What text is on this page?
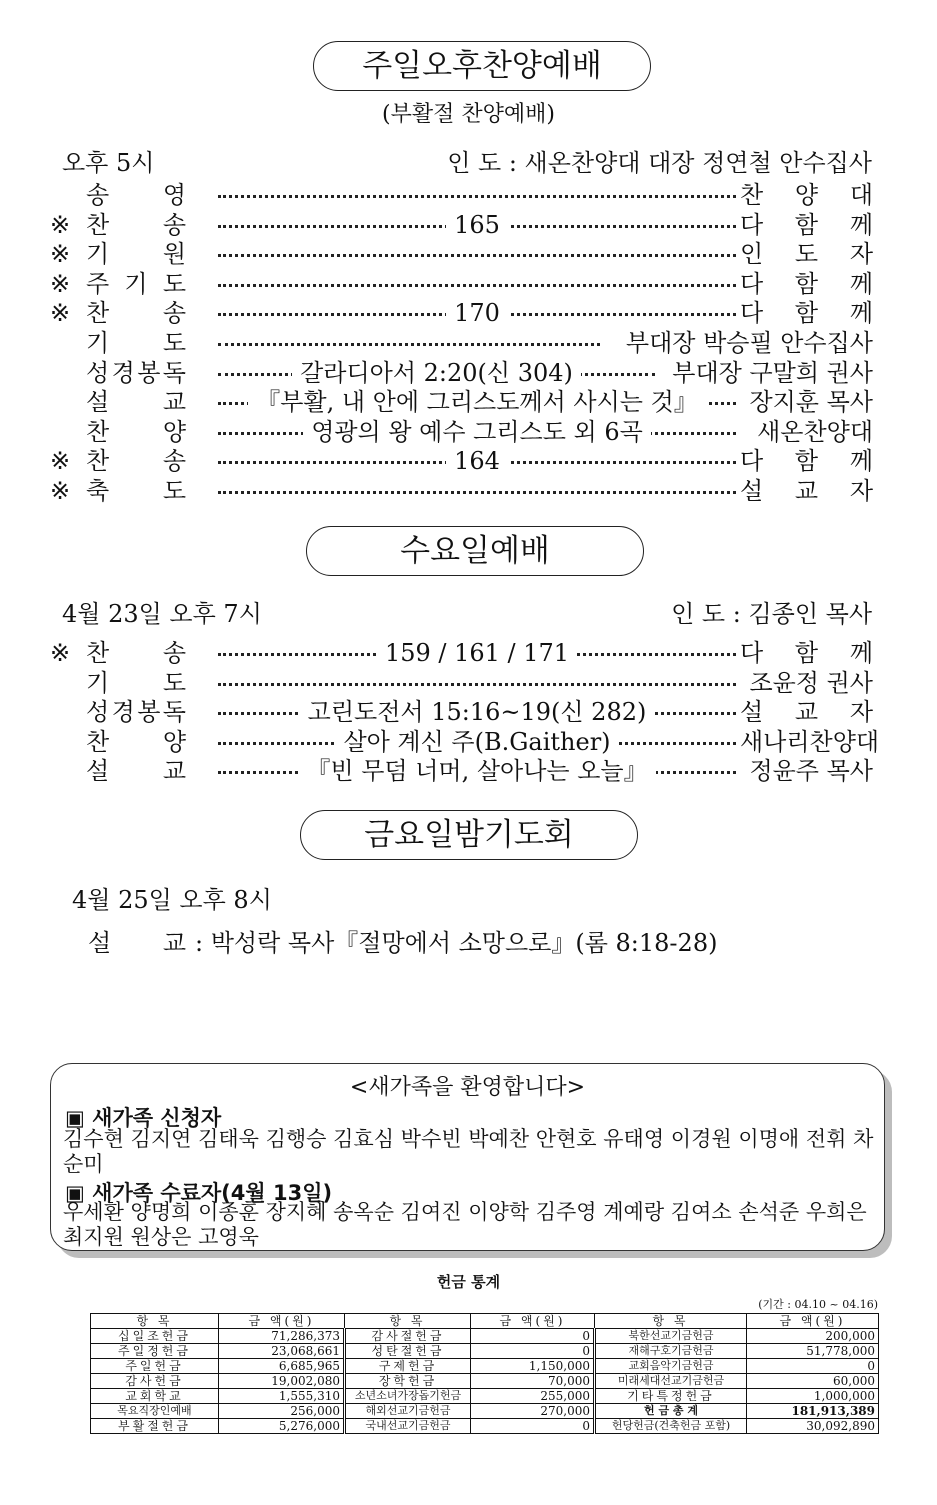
주일오후찬양예배
(부활절 찬양예배)
오후 5시	인 도 : 새온찬양대 대장 정연철 안수집사
송 영	찬 양 대
※ 찬 송	165	다 함 께
※ 기 원	인 도 자
※ 주 기 도	다 함 께
※ 찬 송	170	다 함 께
기 도	부대장 박승필 안수집사
성 경 봉 독	갈라디아서 2:20(신 304)	부대장 구말희 권사
설 교	『부활, 내 안에 그리스도께서 사시는 것』	장지훈 목사
찬 양	영광의 왕 예수 그리스도 외 6곡	새온찬양대
※ 찬 송	164	다 함 께
※ 축 도	설 교 자
수요일예배
4월 23일 오후 7시	인 도 : 김종인 목사
※ 찬 송	159 / 161 / 171	다 함 께
기 도	조윤정 권사
성 경 봉 독	고린도전서 15:16~19(신 282)	설 교 자
찬 양	살아 계신 주(B.Gaither)	새나리찬양대
설 교	『빈 무덤 너머, 살아나는 오늘』	정윤주 목사
금요일밤기도회
4월 25일 오후 8시
설 교
: 박성락 목사『절망에서 소망으로』(롬 8:18-28)
<새가족을 환영합니다>
▣ 새가족 신청자
김수현 김지연 김태욱 김행승 김효심 박수빈 박예찬 안현호 유태영 이경원 이명애 전휘 차순미
▣ 새가족 수료자(4월 13일)
우세환 양명희 이종훈 장지혜 송옥순 김여진 이양학 김주영 계예랑 김여소 손석준 우희은 최지원 원상은 고영욱
헌금 통계
(기간 : 04.10 ~ 04.16)
항 목	금 액(원)	항 목	금 액(원)	항 목	금 액(원)
십일조헌금	71,286,373	감사절헌금	0	북한선교기금헌금	200,000
주일정헌금	23,068,661	성탄절헌금	0	재해구호기금헌금	51,778,000
주일헌금	6,685,965	구제헌금	1,150,000	교회음악기금헌금	0
감사헌금	19,002,080	장학헌금	70,000	미래세대선교기금헌금	60,000
교회학교	1,555,310	소년소녀가장돕기헌금	255,000	기타특정헌금	1,000,000
목요직장인예배	256,000	해외선교기금헌금	270,000	헌 금 총 계	181,913,389
부활절헌금	5,276,000	국내선교기금헌금	0	헌당헌금(건축헌금 포함)	30,092,890
